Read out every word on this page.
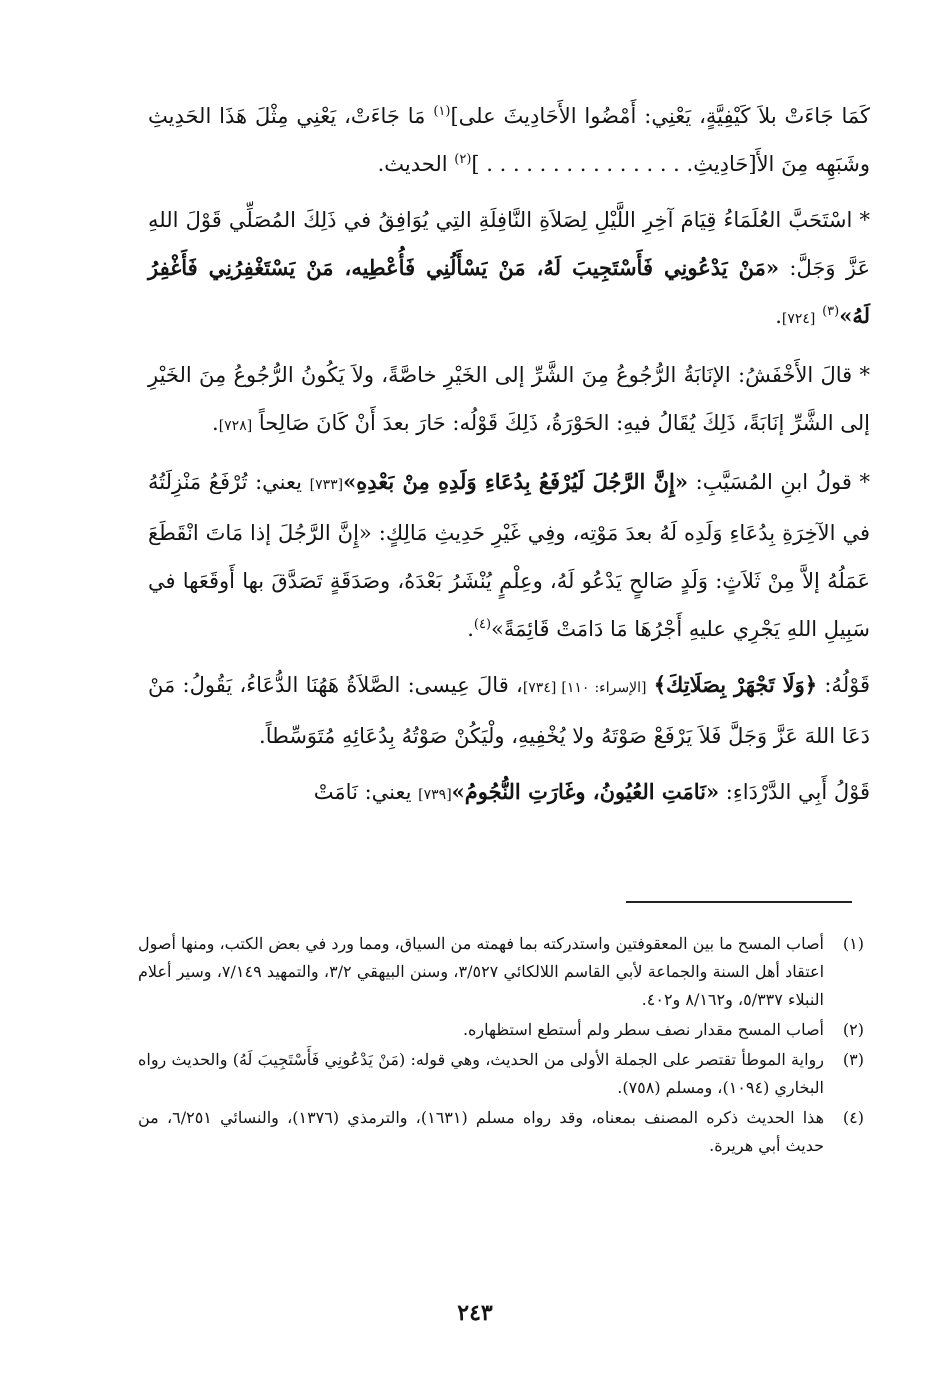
كَمَا جَاءَتْ بلاَ كَيْفِيَّةٍ، يَعْنِي: أَمْضُوا الأَحَادِيثَ على]$^{(١)}$ مَا جَاءَتْ، يَعْنِي مِثْلَ هَذَا الحَدِيثِ وشَبَهِه مِنَ الأَ[حَادِيثِ. . . . . . . . . . . . . . . . ]$^{(٢)}$ الحديث.

* اسْتَحَبَّ العُلَمَاءُ قِيَامَ آخِرِ اللَّيْلِ لِصَلاَةِ النَّافِلَةِ التِي يُوَافِقُ في ذَلِكَ المُصَلِّي قَوْلَ اللهِ عَزَّ وَجَلَّ: «مَنْ يَدْعُونِي فَأَسْتَجِيبَ لَهُ، مَنْ يَسْأَلُنِي فَأُعْطِيه، مَنْ يَسْتَغْفِرُنِي فَأَغْفِرُ لَهُ»$^{(٣)}$ [٧٢٤].

* قالَ الأَخْفَشُ: الإنَابَةُ الرُّجُوعُ مِنَ الشَّرِّ إلى الخَيْرِ خاصَّةً، ولاَ يَكُونُ الرُّجُوعُ مِنَ الخَيْرِ إلى الشَّرِّ إنَابَةً، ذَلِكَ يُقَالُ فيهِ: الحَوْرَةُ، ذَلِكَ قَوْلُه: حَارَ بعدَ أَنْ كَانَ صَالِحاً [٧٢٨].

* قولُ ابنِ المُسَيَّبِ: «إِنَّ الرَّجُلَ لَيُرْفَعُ بِدُعَاءِ وَلَدِهِ مِنْ بَعْدِهِ»[٧٣٣] يعني: تُرْفَعُ مَنْزِلَتُهُ في الآخِرَةِ بِدُعَاءِ وَلَدِه لَهُ بعدَ مَوْتِه، وفِي غَيْرِ حَدِيثِ مَالِكٍ: «إِنَّ الرَّجُلَ إذا مَاتَ انْقَطَعَ عَمَلُهُ إلاَّ مِنْ ثَلاَثٍ: وَلَدٍ صَالحٍ يَدْعُو لَهُ، وعِلْمٍ يُنْشَرُ بَعْدَهُ، وصَدَقَةٍ تَصَدَّقَ بها أَوقَعَها في سَبِيلِ اللهِ يَجْرِي عليهِ أَجْرُهَا مَا دَامَتْ قَائِمَةً»$^{(٤)}$.

قَوْلُهُ: ﴿وَلَا تَجْهَرْ بِصَلَاتِكَ﴾ [الإسراء: ١١٠] [٧٣٤]، قالَ عِيسى: الصَّلاَةُ هَهُنَا الدُّعَاءُ، يَقُولُ: مَنْ دَعَا اللهَ عَزَّ وَجَلَّ فَلاَ يَرْفَعْ صَوْتَهُ ولا يُخْفِيهِ، ولْيَكُنْ صَوْتُهُ بِدُعَائِهِ مُتَوَسِّطاً.

قَوْلُ أَبِي الدَّرْدَاءِ: «نَامَتِ العُيُونُ، وغَارَتِ النُّجُومُ»[٧٣٩] يعني: نَامَتْ

(١)
أصاب المسح ما بين المعقوفتين واستدركته بما فهمته من السياق، ومما ورد في بعض الكتب، ومنها أصول اعتقاد أهل السنة والجماعة لأبي القاسم اللالكائي ٣/٥٢٧، وسنن البيهقي ٣/٢، والتمهيد ٧/١٤٩، وسير أعلام النبلاء ٥/٣٣٧، و٨/١٦٢ و٤٠٢.
(٢)
أصاب المسح مقدار نصف سطر ولم أستطع استظهاره.
(٣)
رواية الموطأ تقتصر على الجملة الأولى من الحديث، وهي قوله: (مَنْ يَدْعُونِي فَأَسْتَجِيبَ لَهُ) والحديث رواه البخاري (١٠٩٤)، ومسلم (٧٥٨).
(٤)
هذا الحديث ذكره المصنف بمعناه، وقد رواه مسلم (١٦٣١)، والترمذي (١٣٧٦)، والنسائي ٦/٢٥١، من حديث أبي هريرة.
٢٤٣
